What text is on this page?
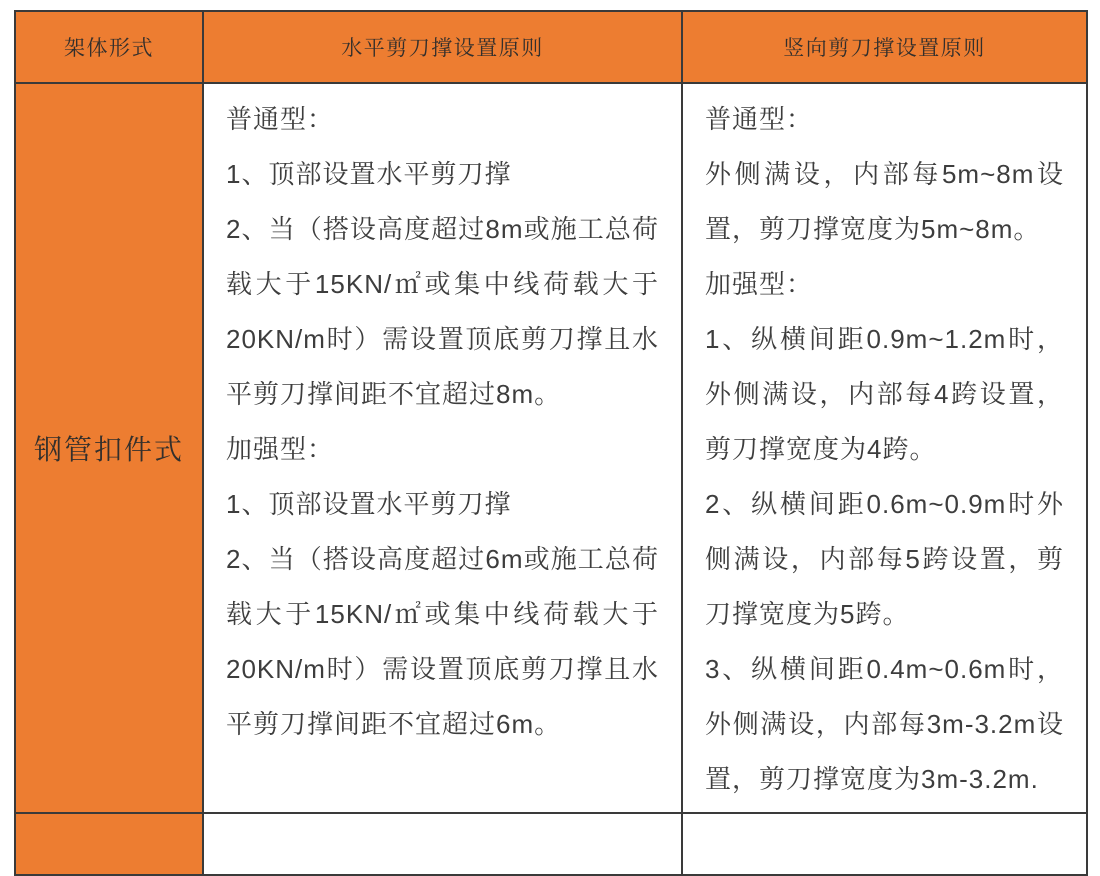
架体形式	水平剪刀撑设置原则	竖向剪刀撑设置原则
钢管扣件式
普通型：
1、顶部设置水平剪刀撑
2、当（搭设高度超过8m或施工总荷载大于15KN/㎡或集中线荷载大于20KN/m时）需设置顶底剪刀撑且水平剪刀撑间距不宜超过8m。
加强型：
1、顶部设置水平剪刀撑
2、当（搭设高度超过6m或施工总荷载大于15KN/㎡或集中线荷载大于20KN/m时）需设置顶底剪刀撑且水平剪刀撑间距不宜超过6m。
普通型：
外侧满设，内部每5m~8m设置，剪刀撑宽度为5m~8m。
加强型：
1、纵横间距0.9m~1.2m时，外侧满设，内部每4跨设置，剪刀撑宽度为4跨。
2、纵横间距0.6m~0.9m时外侧满设，内部每5跨设置，剪刀撑宽度为5跨。
3、纵横间距0.4m~0.6m时，外侧满设，内部每3m-3.2m设置，剪刀撑宽度为3m-3.2m.
